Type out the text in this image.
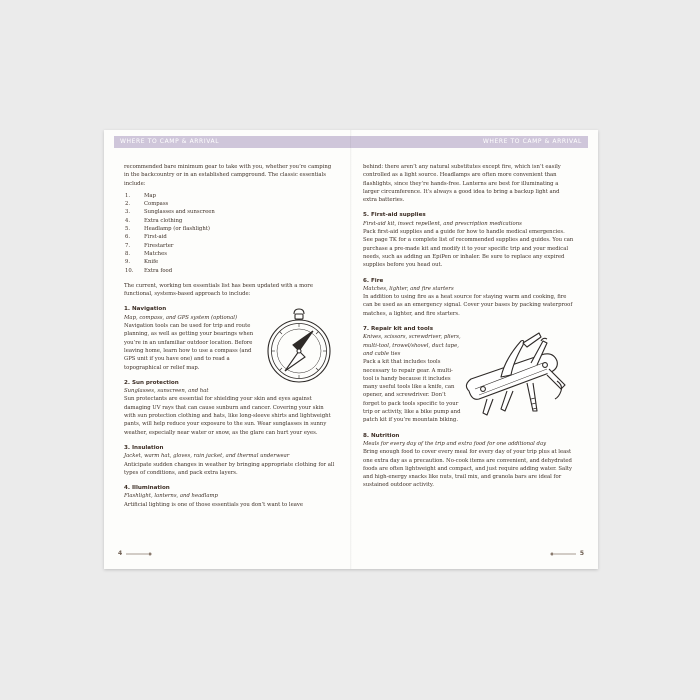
WHERE TO CAMP & ARRIVAL

recommended bare minimum gear to take with you, whether you’re camping in the backcountry or in an established campground. The classic essentials include:

1.	Map
2.	Compass
3.	Sunglasses and sunscreen
4.	Extra clothing
5.	Headlamp (or flashlight)
6.	First-aid
7.	Firestarter
8.	Matches
9.	Knife
10.	Extra food

The current, working ten essentials list has been updated with a more functional, systems-based approach to include:

1. Navigation

Map, compass, and GPS system (optional)

Navigation tools can be used for trip and route planning, as well as getting your bearings when you’re in an unfamiliar outdoor location. Before leaving home, learn how to use a compass (and GPS unit if you have one) and to read a topographical or relief map.

2. Sun protection

Sunglasses, sunscreen, and hat

Sun protectants are essential for shielding your skin and eyes against damaging UV rays that can cause sunburn and cancer. Covering your skin with sun protection clothing and hats, like long-sleeve shirts and lightweight pants, will help reduce your exposure to the sun. Wear sunglasses in sunny weather, especially near water or snow, as the glare can hurt your eyes.

3. Insulation

Jacket, warm hat, gloves, rain jacket, and thermal underwear

Anticipate sudden changes in weather by bringing appropriate clothing for all types of conditions, and pack extra layers.

4. Illumination

Flashlight, lanterns, and headlamp

Artificial lighting is one of those essentials you don’t want to leave

4
WHERE TO CAMP & ARRIVAL

behind: there aren’t any natural substitutes except fire, which isn’t easily controlled as a light source. Headlamps are often more convenient than flashlights, since they’re hands-free. Lanterns are best for illuminating a larger circumference. It’s always a good idea to bring a backup light and extra batteries.

5. First-aid supplies

First-aid kit, insect repellent, and prescription medications

Pack first-aid supplies and a guide for how to handle medical emergencies. See page TK for a complete list of recommended supplies and guides. You can purchase a pre-made kit and modify it to your specific trip and your medical needs, such as adding an EpiPen or inhaler. Be sure to replace any expired supplies before you head out.

6. Fire

Matches, lighter, and fire starters

In addition to using fire as a heat source for staying warm and cooking, fire can be used as an emergency signal. Cover your bases by packing waterproof matches, a lighter, and fire starters.

7. Repair kit and tools

Knives, scissors, screwdriver, pliers, multi-tool, trowel/shovel, duct tape, and cable ties

Pack a kit that includes tools necessary to repair gear. A multi-tool is handy because it includes many useful tools like a knife, can opener, and screwdriver. Don’t forget to pack tools specific to your trip or activity, like a bike pump and patch kit if you’re mountain biking.

8. Nutrition

Meals for every day of the trip and extra food for one additional day

Bring enough food to cover every meal for every day of your trip plus at least one extra day as a precaution. No-cook items are convenient, and dehydrated foods are often lightweight and compact, and just require adding water. Salty and high-energy snacks like nuts, trail mix, and granola bars are ideal for sustained outdoor activity.

5
